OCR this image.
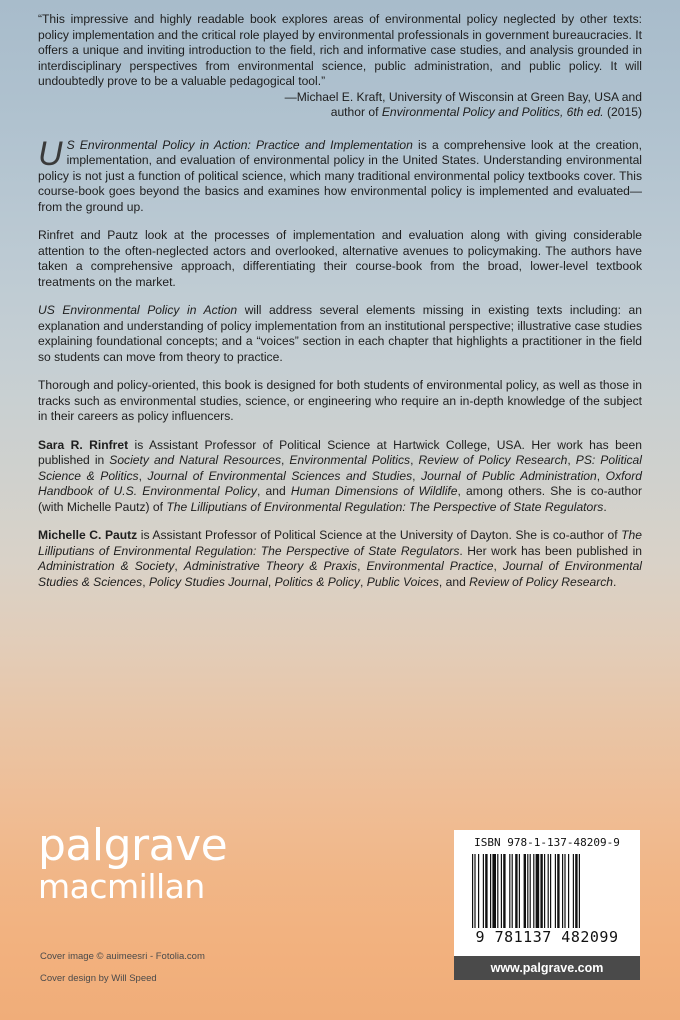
“This impressive and highly readable book explores areas of environmental policy neglected by other texts: policy implementation and the critical role played by environmental professionals in government bureaucracies. It offers a unique and inviting introduction to the field, rich and informative case studies, and analysis grounded in interdisciplinary perspectives from environmental science, public administration, and public policy. It will undoubtedly prove to be a valuable pedagogical tool.”

—Michael E. Kraft, University of Wisconsin at Green Bay, USA and
author of Environmental Policy and Politics, 6th ed. (2015)

U S Environmental Policy in Action: Practice and Implementation is a comprehensive look at the creation, implementation, and evaluation of environmental policy in the United States. Understanding environmental policy is not just a function of political science, which many traditional environmental policy textbooks cover. This course-book goes beyond the basics and examines how environmental policy is implemented and evaluated—from the ground up.

Rinfret and Pautz look at the processes of implementation and evaluation along with giving considerable attention to the often-neglected actors and overlooked, alternative avenues to policymaking. The authors have taken a comprehensive approach, differentiating their course-book from the broad, lower-level textbook treatments on the market.

US Environmental Policy in Action will address several elements missing in existing texts including: an explanation and understanding of policy implementation from an institutional perspective; illustrative case studies explaining foundational concepts; and a “voices” section in each chapter that highlights a practitioner in the field so students can move from theory to practice.

Thorough and policy-oriented, this book is designed for both students of environmental policy, as well as those in tracks such as environmental studies, science, or engineering who require an in-depth knowledge of the subject in their careers as policy influencers.

Sara R. Rinfret is Assistant Professor of Political Science at Hartwick College, USA. Her work has been published in Society and Natural Resources, Environmental Politics, Review of Policy Research, PS: Political Science & Politics, Journal of Environmental Sciences and Studies, Journal of Public Administration, Oxford Handbook of U.S. Environmental Policy, and Human Dimensions of Wildlife, among others. She is co-author (with Michelle Pautz) of The Lilliputians of Environmental Regulation: The Perspective of State Regulators.

Michelle C. Pautz is Assistant Professor of Political Science at the University of Dayton. She is co-author of The Lilliputians of Environmental Regulation: The Perspective of State Regulators. Her work has been published in Administration & Society, Administrative Theory & Praxis, Environmental Practice, Journal of Environmental Studies & Sciences, Policy Studies Journal, Politics & Policy, Public Voices, and Review of Policy Research.

palgrave
macmillan
Cover image © auimeesri - Fotolia.com
Cover design by Will Speed
ISBN 978-1-137-48209-9
9 781137 482099
www.palgrave.com
